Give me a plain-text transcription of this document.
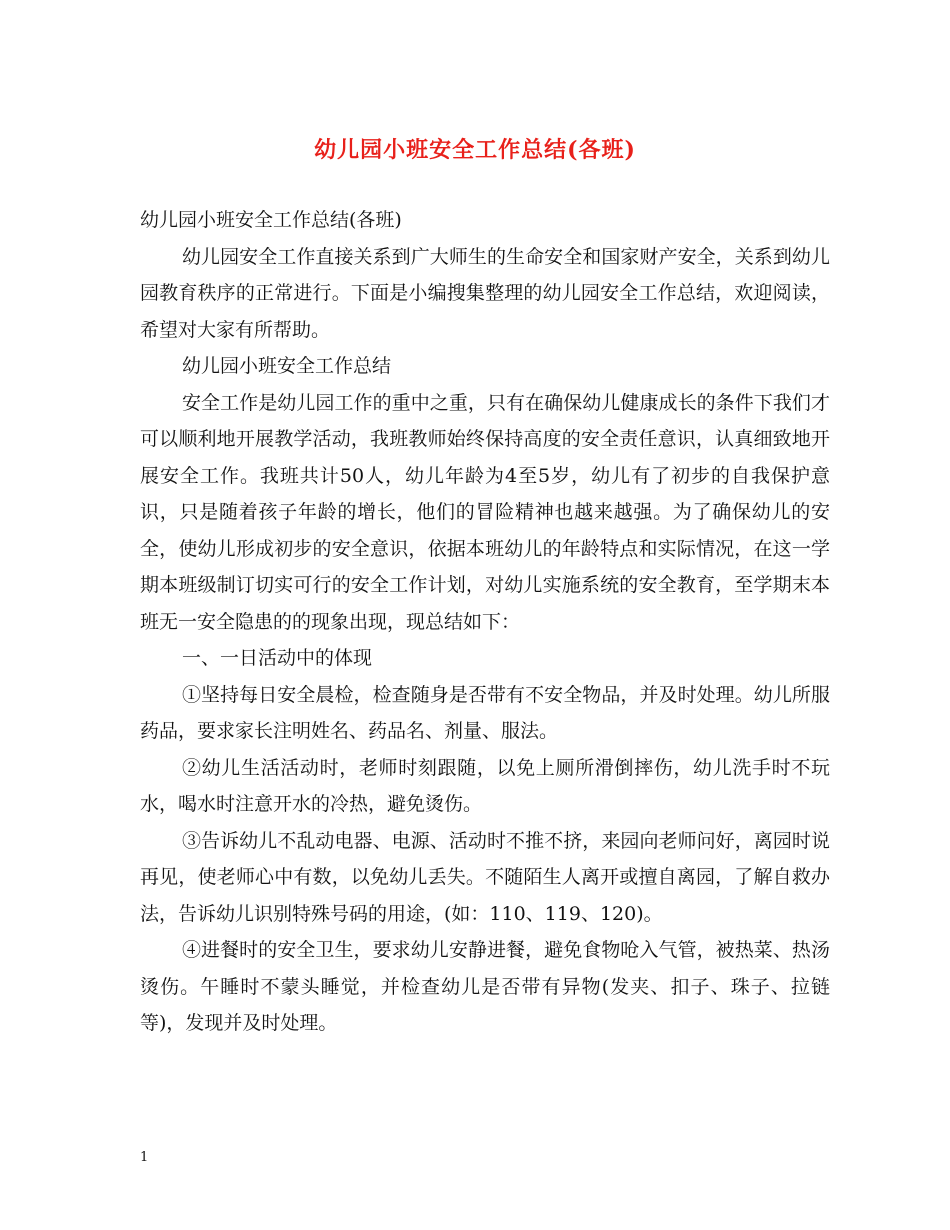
幼儿园小班安全工作总结(各班)

幼儿园小班安全工作总结(各班)

幼儿园安全工作直接关系到广大师生的生命安全和国家财产安全，关系到幼儿园教育秩序的正常进行。下面是小编搜集整理的幼儿园安全工作总结，欢迎阅读，希望对大家有所帮助。

幼儿园小班安全工作总结

安全工作是幼儿园工作的重中之重，只有在确保幼儿健康成长的条件下我们才可以顺利地开展教学活动，我班教师始终保持高度的安全责任意识，认真细致地开展安全工作。我班共计50人，幼儿年龄为4至5岁，幼儿有了初步的自我保护意识，只是随着孩子年龄的增长，他们的冒险精神也越来越强。为了确保幼儿的安全，使幼儿形成初步的安全意识，依据本班幼儿的年龄特点和实际情况，在这一学期本班级制订切实可行的安全工作计划，对幼儿实施系统的安全教育，至学期末本班无一安全隐患的的现象出现，现总结如下：

一、一日活动中的体现

①坚持每日安全晨检，检查随身是否带有不安全物品，并及时处理。幼儿所服药品，要求家长注明姓名、药品名、剂量、服法。

②幼儿生活活动时，老师时刻跟随，以免上厕所滑倒摔伤，幼儿洗手时不玩水，喝水时注意开水的冷热，避免烫伤。

③告诉幼儿不乱动电器、电源、活动时不推不挤，来园向老师问好，离园时说再见，使老师心中有数，以免幼儿丢失。不随陌生人离开或擅自离园，了解自救办法，告诉幼儿识别特殊号码的用途，(如：110、119、120)。

④进餐时的安全卫生，要求幼儿安静进餐，避免食物呛入气管，被热菜、热汤烫伤。午睡时不蒙头睡觉，并检查幼儿是否带有异物(发夹、扣子、珠子、拉链等)，发现并及时处理。

1
